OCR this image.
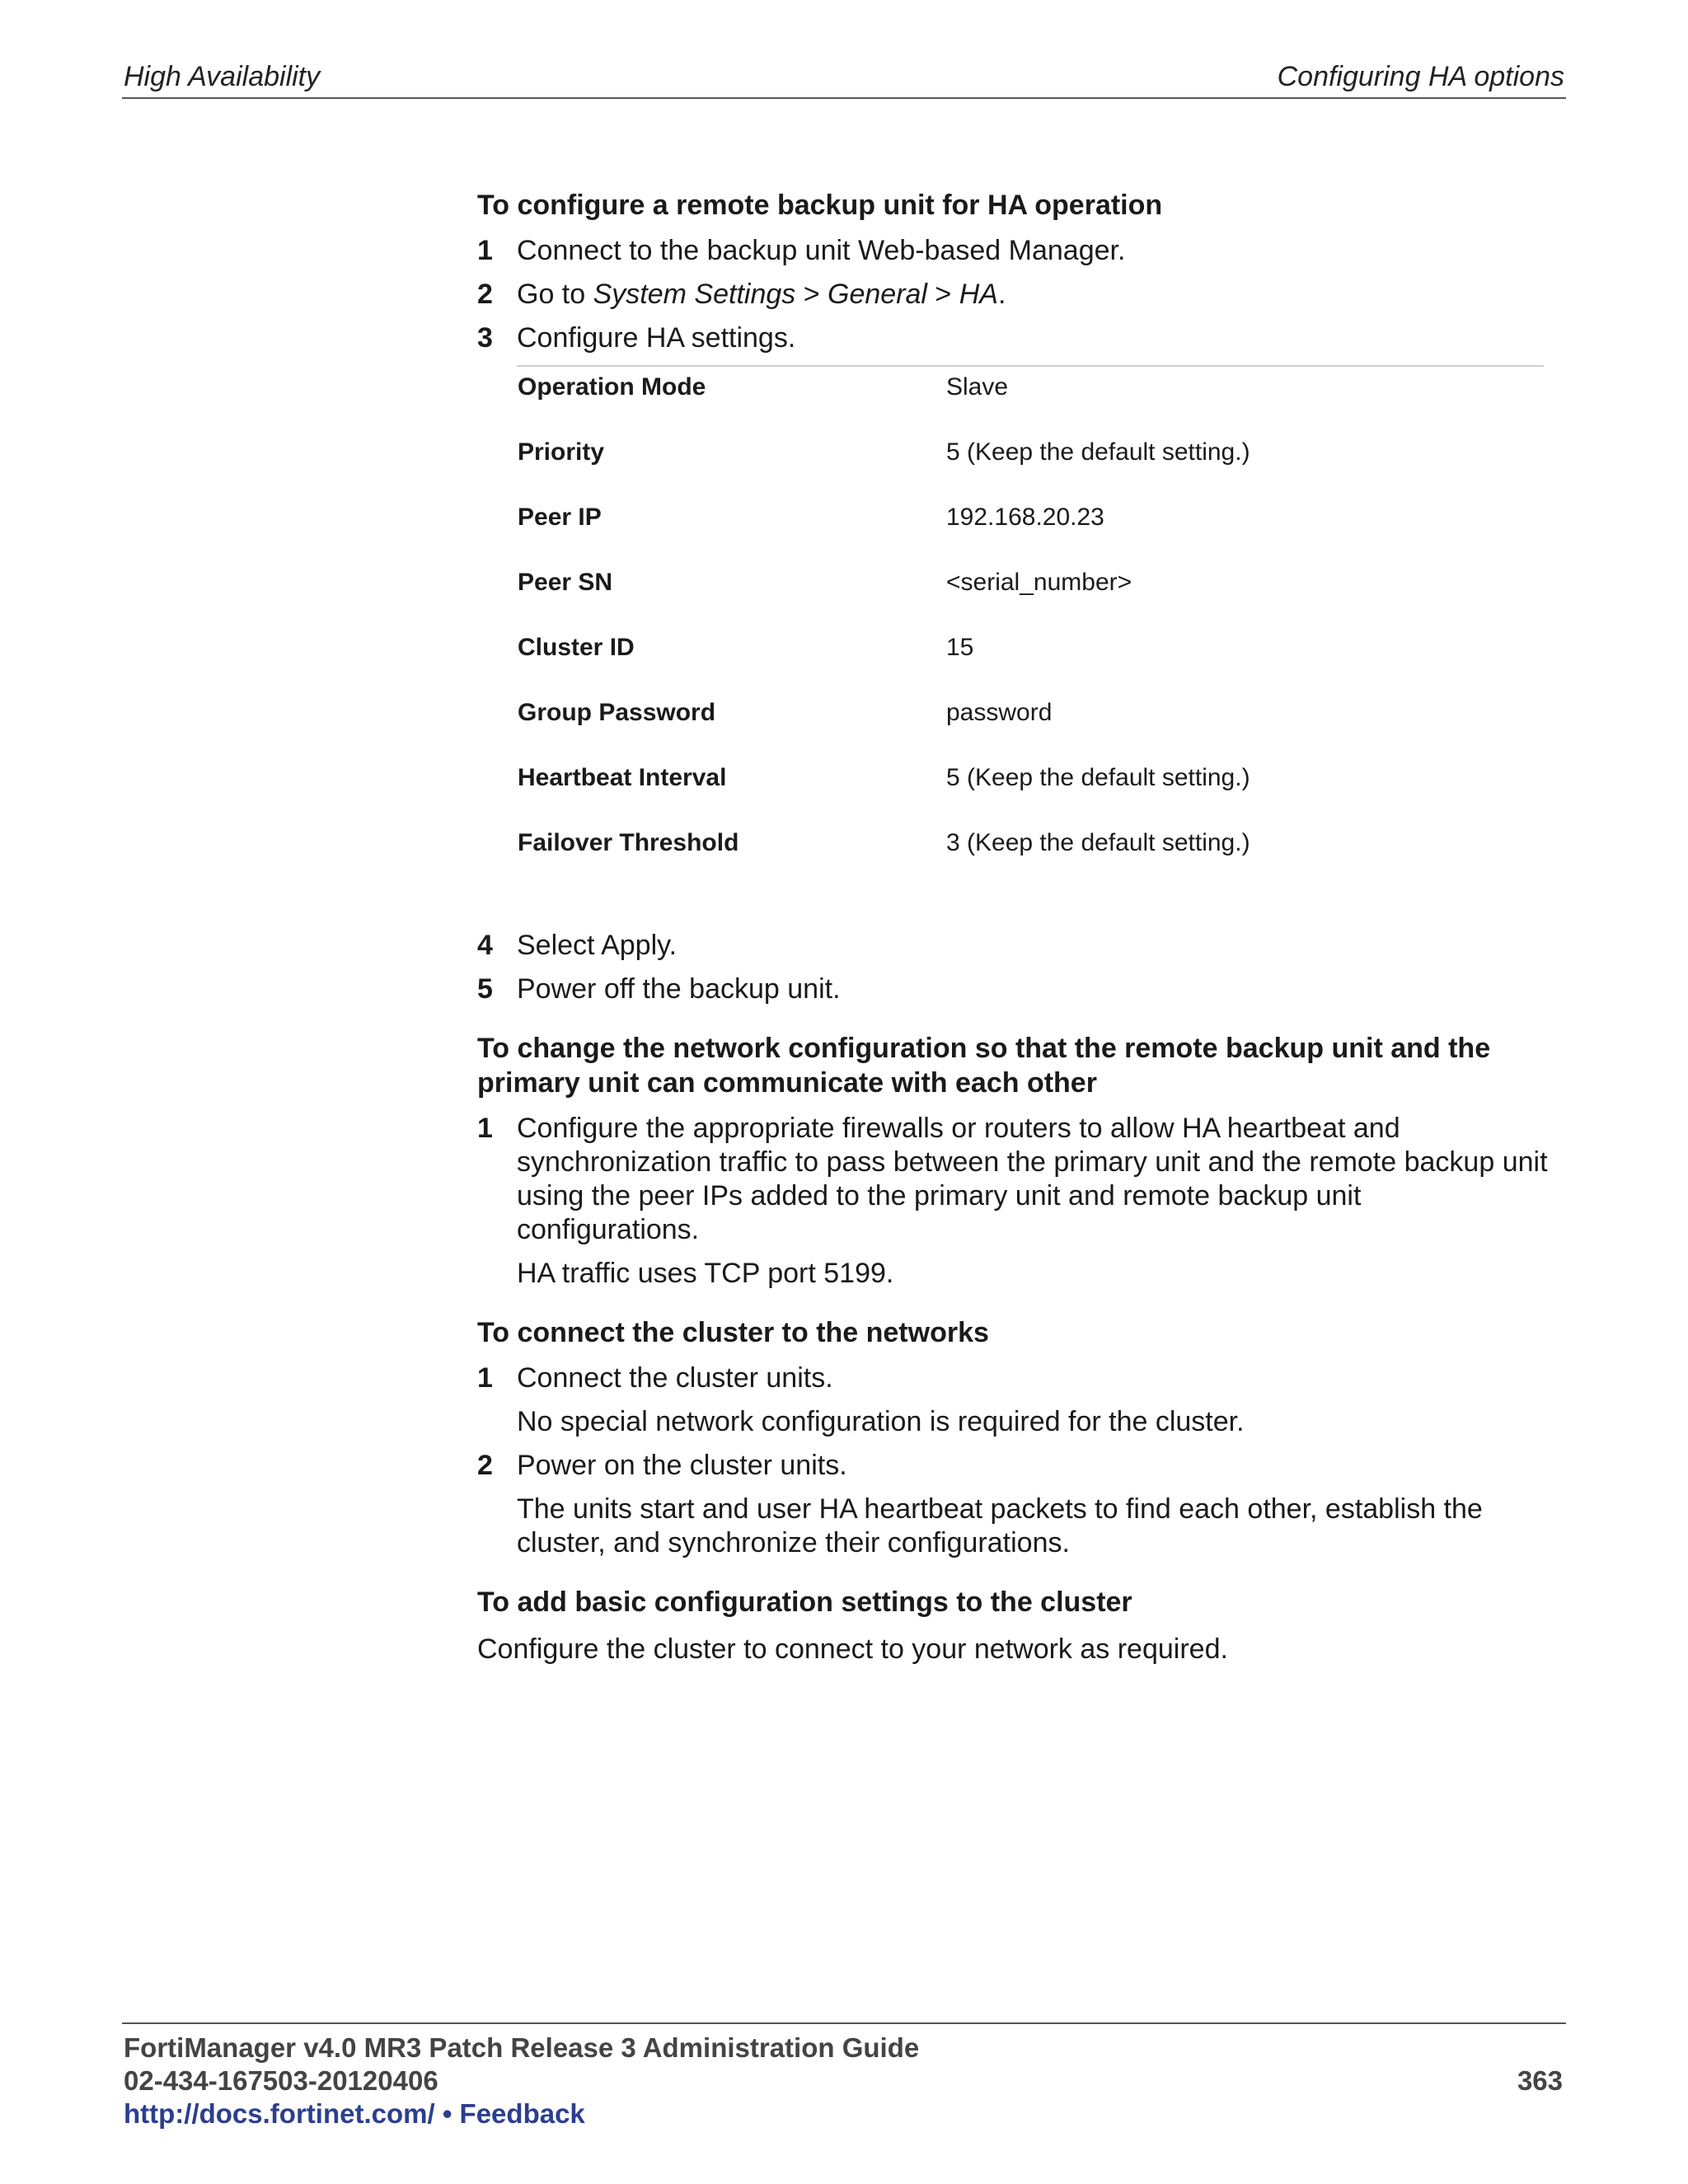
High Availability	Configuring HA options
To configure a remote backup unit for HA operation
1 Connect to the backup unit Web-based Manager.
2 Go to System Settings > General > HA.
3 Configure HA settings.
Operation Mode	Slave
Priority	5 (Keep the default setting.)
Peer IP	192.168.20.23
Peer SN	<serial_number>
Cluster ID	15
Group Password	password
Heartbeat Interval	5 (Keep the default setting.)
Failover Threshold	3 (Keep the default setting.)
4 Select Apply.
5 Power off the backup unit.
To change the network configuration so that the remote backup unit and the primary unit can communicate with each other
1 Configure the appropriate firewalls or routers to allow HA heartbeat and synchronization traffic to pass between the primary unit and the remote backup unit using the peer IPs added to the primary unit and remote backup unit configurations.
HA traffic uses TCP port 5199.
To connect the cluster to the networks
1 Connect the cluster units.
No special network configuration is required for the cluster.
2 Power on the cluster units.
The units start and user HA heartbeat packets to find each other, establish the cluster, and synchronize their configurations.
To add basic configuration settings to the cluster
Configure the cluster to connect to your network as required.
FortiManager v4.0 MR3 Patch Release 3 Administration Guide
02-434-167503-20120406
http://docs.fortinet.com/ • Feedback
363
